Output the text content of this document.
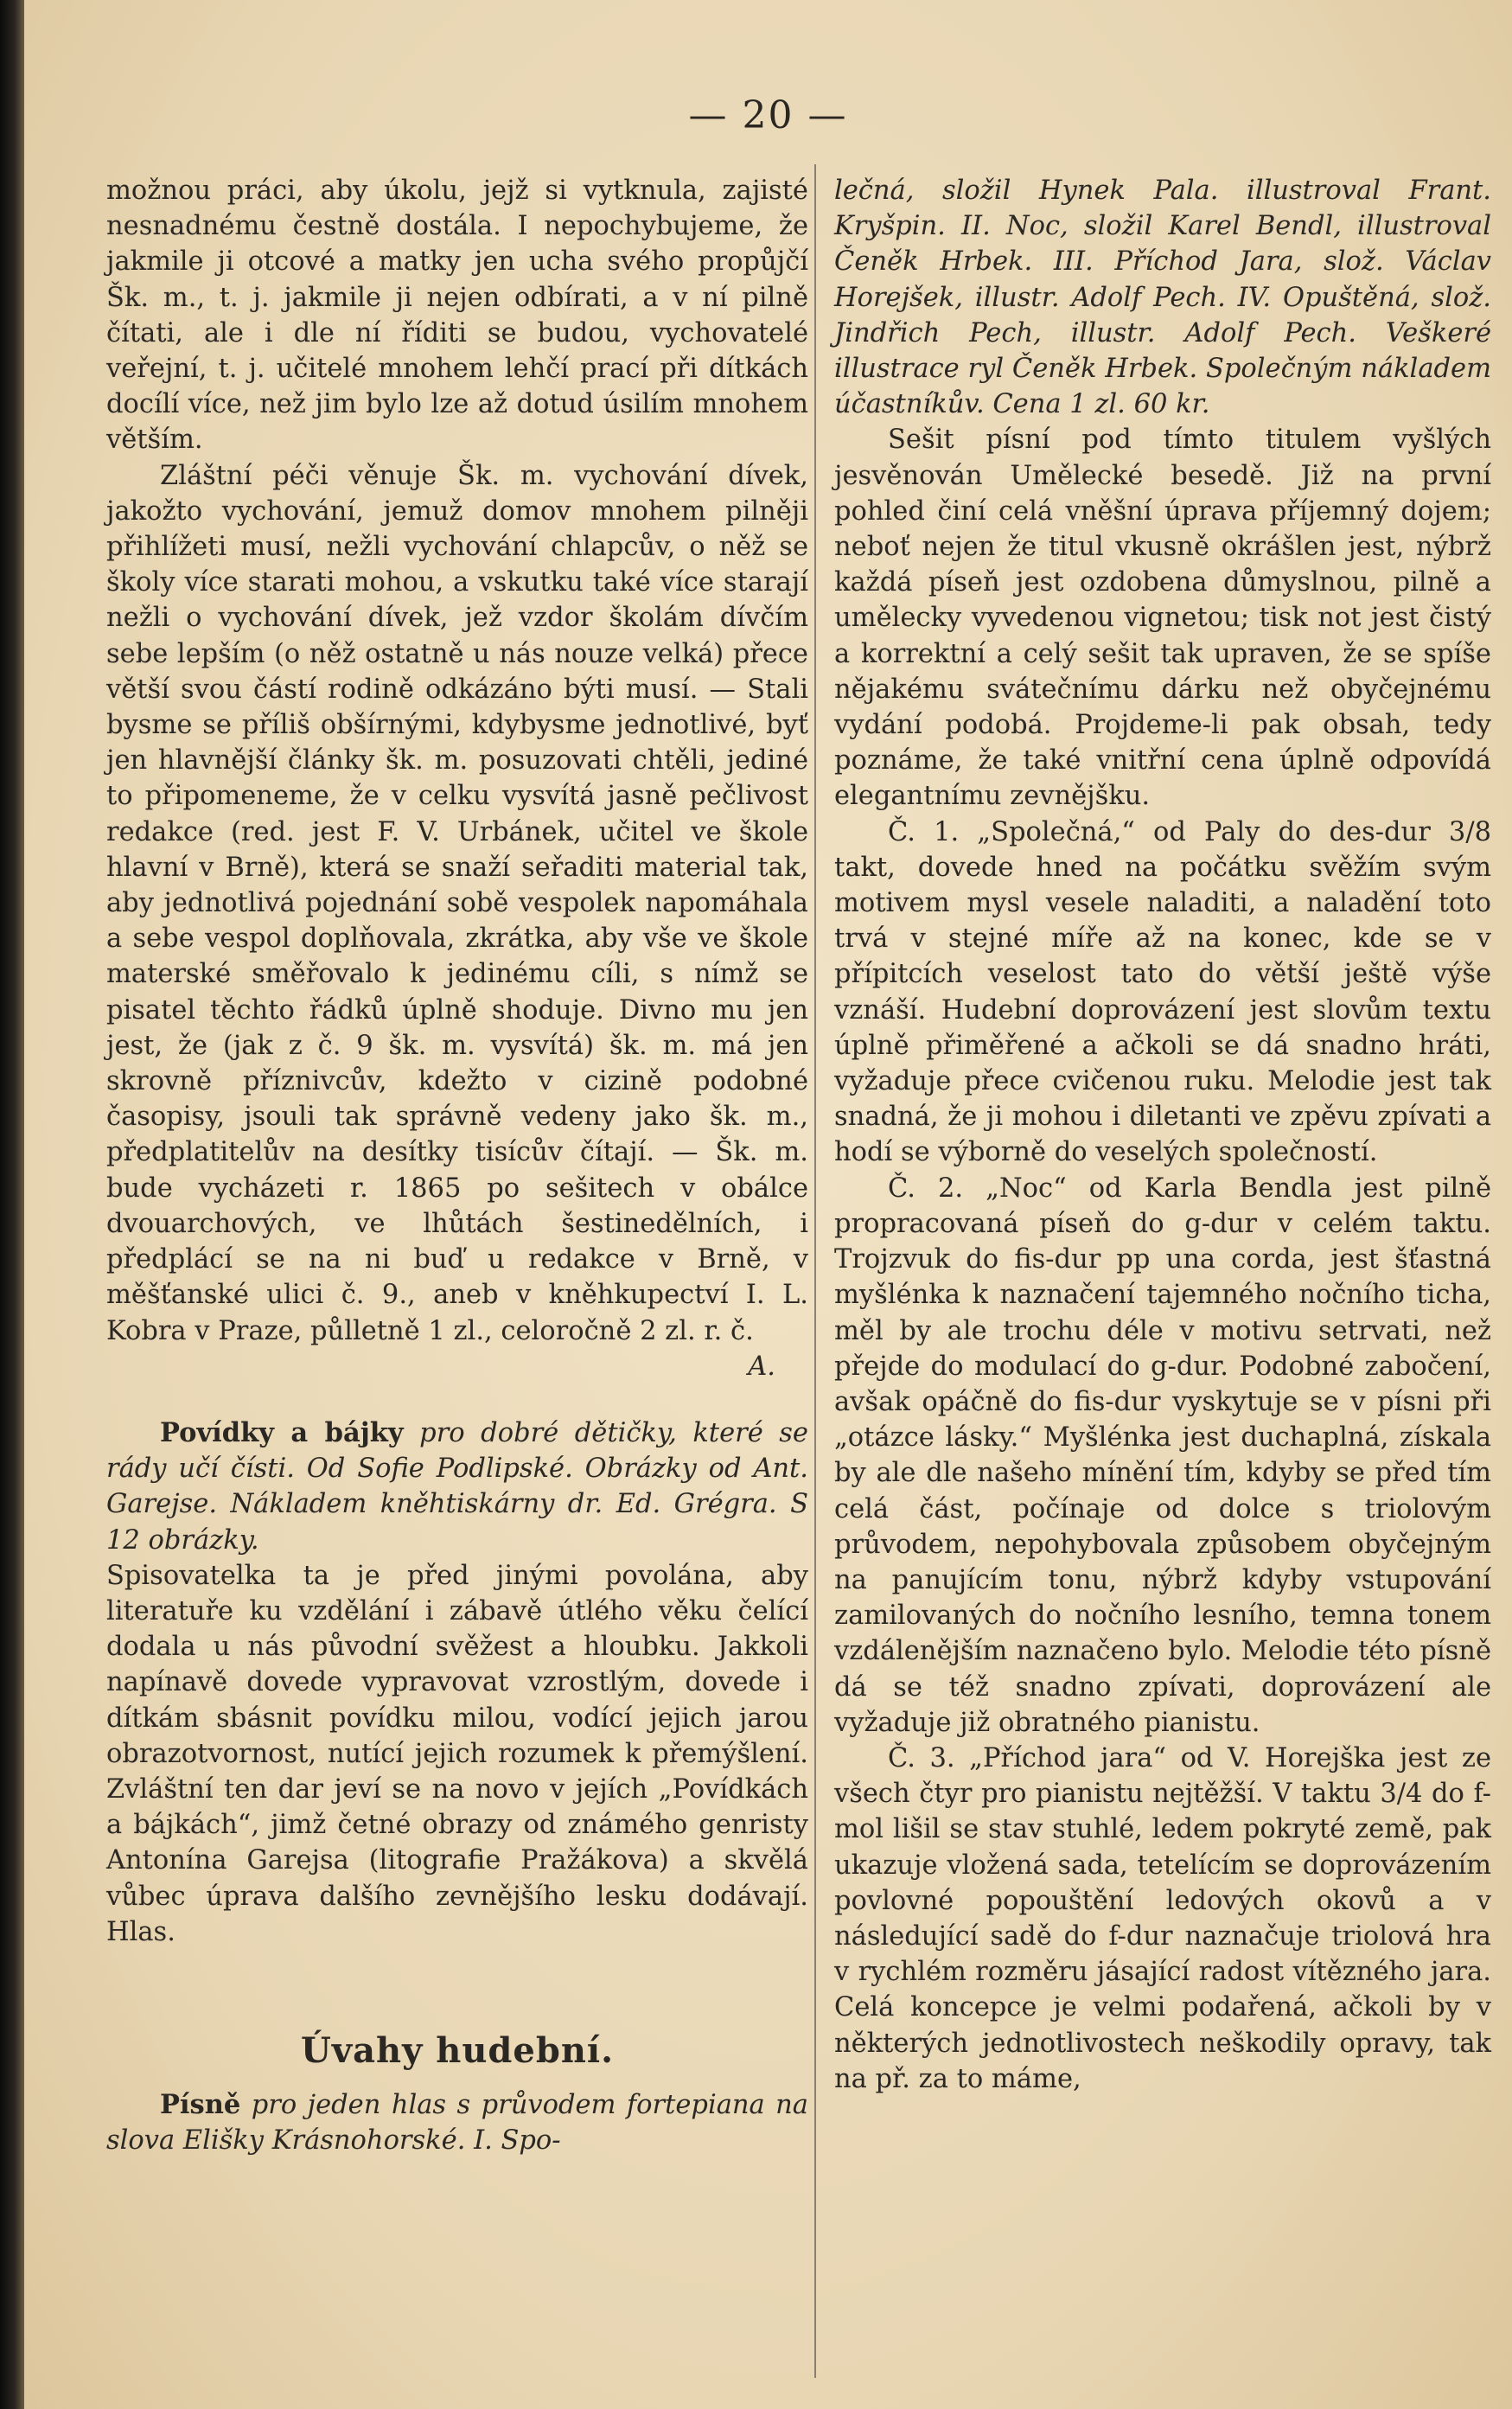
— 20 —

možnou práci, aby úkolu, jejž si vytknula, zajisté nesnadnému čestně dostála. I nepochybujeme, že jakmile ji otcové a matky jen ucha svého propůjčí Šk. m., t. j. jakmile ji nejen odbírati, a v ní pilně čítati, ale i dle ní říditi se budou, vychovatelé veřejní, t. j. učitelé mnohem lehčí prací při dítkách docílí více, než jim bylo lze až dotud úsilím mnohem větším.

Zláštní péči věnuje Šk. m. vychování dívek, jakožto vychování, jemuž domov mnohem pilněji přihlížeti musí, nežli vychování chlapcův, o něž se školy více starati mohou, a vskutku také více starají nežli o vychování dívek, jež vzdor školám dívčím sebe lepším (o něž ostatně u nás nouze velká) přece větší svou částí rodině odkázáno býti musí. — Stali bysme se příliš obšírnými, kdybysme jednotlivé, byť jen hlavnější články šk. m. posuzovati chtěli, jediné to připomeneme, že v celku vysvítá jasně pečlivost redakce (red. jest F. V. Urbánek, učitel ve škole hlavní v Brně), která se snaží seřaditi material tak, aby jednotlivá pojednání sobě vespolek napomáhala a sebe vespol doplňovala, zkrátka, aby vše ve škole materské směřovalo k jedinému cíli, s nímž se pisatel těchto řádků úplně shoduje. Divno mu jen jest, že (jak z č. 9 šk. m. vysvítá) šk. m. má jen skrovně příznivcův, kdežto v cizině podobné časopisy, jsouli tak správně vedeny jako šk. m., předplatitelův na desítky tisícův čítají. — Šk. m. bude vycházeti r. 1865 po sešitech v obálce dvouarchových, ve lhůtách šestinedělních, i předplácí se na ni buď u redakce v Brně, v měšťanské ulici č. 9., aneb v kněhkupectví I. L. Kobra v Praze, půlletně 1 zl., celoročně 2 zl. r. č.

A.

Povídky a bájky pro dobré dětičky, které se rády učí čísti. Od Sofie Podlipské. Obrázky od Ant. Garejse. Nákladem kněhtiskárny dr. Ed. Grégra. S 12 obrázky.

Spisovatelka ta je před jinými povolána, aby literatuře ku vzdělání i zábavě útlého věku čelící dodala u nás původní svěžest a hloubku. Jakkoli napínavě dovede vypravovat vzrostlým, dovede i dítkám sbásnit povídku milou, vodící jejich jarou obrazotvornost, nutící jejich rozumek k přemýšlení. Zvláštní ten dar jeví se na novo v jejích „Povídkách a bájkách“, jimž četné obrazy od známého genristy Antonína Garejsa (litografie Pražákova) a skvělá vůbec úprava dalšího zevnějšího lesku dodávají. Hlas.

Úvahy hudební.

Písně pro jeden hlas s průvodem fortepiana na slova Elišky Krásnohorské. I. Spo-

lečná, složil Hynek Pala. illustroval Frant. Kryšpin. II. Noc, složil Karel Bendl, illustroval Čeněk Hrbek. III. Příchod Jara, slož. Václav Horejšek, illustr. Adolf Pech. IV. Opuštěná, slož. Jindřich Pech, illustr. Adolf Pech. Veškeré illustrace ryl Čeněk Hrbek. Společným nákladem účastníkův. Cena 1 zl. 60 kr.

Sešit písní pod tímto titulem vyšlých jesvěnován Umělecké besedě. Již na první pohled činí celá vněšní úprava příjemný dojem; neboť nejen že titul vkusně okrášlen jest, nýbrž každá píseň jest ozdobena důmyslnou, pilně a umělecky vyvedenou vignetou; tisk not jest čistý a korrektní a celý sešit tak upraven, že se spíše nějakému svátečnímu dárku než obyčejnému vydání podobá. Projdeme-li pak obsah, tedy poznáme, že také vnitřní cena úplně odpovídá elegantnímu zevnějšku.

Č. 1. „Společná,“ od Paly do des-dur 3/8 takt, dovede hned na počátku svěžím svým motivem mysl vesele naladiti, a naladění toto trvá v stejné míře až na konec, kde se v přípitcích veselost tato do větší ještě výše vznáší. Hudební doprovázení jest slovům textu úplně přiměřené a ačkoli se dá snadno hráti, vyžaduje přece cvičenou ruku. Melodie jest tak snadná, že ji mohou i diletanti ve zpěvu zpívati a hodí se výborně do veselých společností.

Č. 2. „Noc“ od Karla Bendla jest pilně propracovaná píseň do g-dur v celém taktu. Trojzvuk do fis-dur pp una corda, jest šťastná myšlénka k naznačení tajemného nočního ticha, měl by ale trochu déle v motivu setrvati, než přejde do modulací do g-dur. Podobné zabočení, avšak opáčně do fis-dur vyskytuje se v písni při „otázce lásky.“ Myšlénka jest duchaplná, získala by ale dle našeho mínění tím, kdyby se před tím celá část, počínaje od dolce s triolovým průvodem, nepohybovala způsobem obyčejným na panujícím tonu, nýbrž kdyby vstupování zamilovaných do nočního lesního, temna tonem vzdálenějším naznačeno bylo. Melodie této písně dá se též snadno zpívati, doprovázení ale vyžaduje již obratného pianistu.

Č. 3. „Příchod jara“ od V. Horejška jest ze všech čtyr pro pianistu nejtěžší. V taktu 3/4 do f-mol lišil se stav stuhlé, ledem pokryté země, pak ukazuje vložená sada, tetelícím se doprovázením povlovné popouštění ledových okovů a v následující sadě do f-dur naznačuje triolová hra v rychlém rozměru jásající radost vítězného jara. Celá koncepce je velmi podařená, ačkoli by v některých jednotlivostech neškodily opravy, tak na př. za to máme,
